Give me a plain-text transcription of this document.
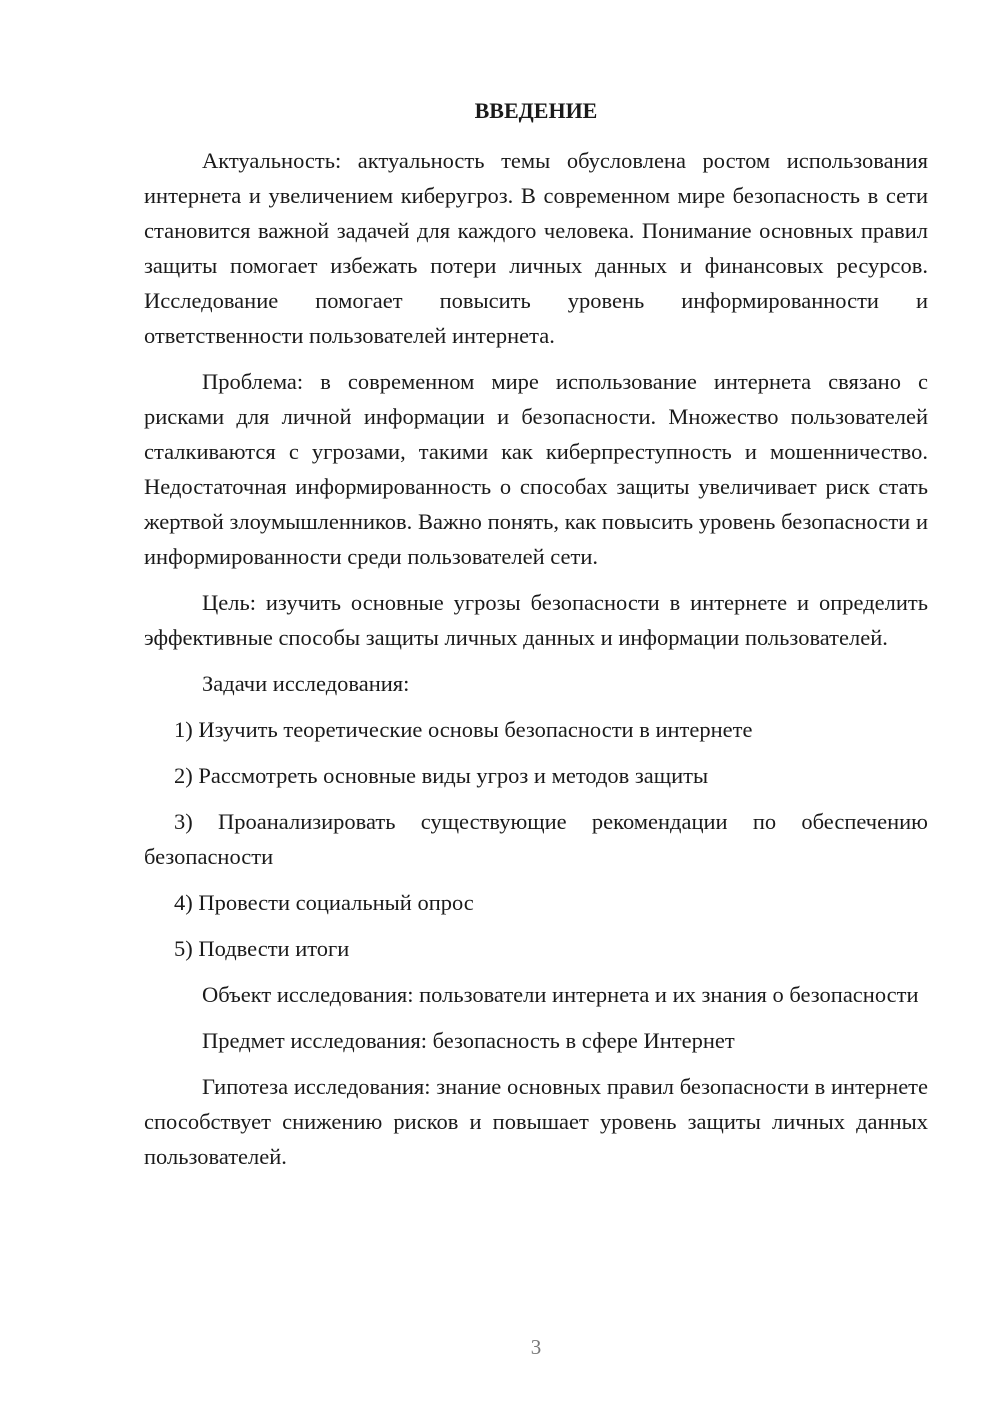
ВВЕДЕНИЕ

Актуальность: актуальность темы обусловлена ростом использования интернета и увеличением киберугроз. В современном мире безопасность в сети становится важной задачей для каждого человека. Понимание основных правил защиты помогает избежать потери личных данных и финансовых ресурсов. Исследование помогает повысить уровень информированности и ответственности пользователей интернета.

Проблема: в современном мире использование интернета связано с рисками для личной информации и безопасности. Множество пользователей сталкиваются с угрозами, такими как киберпреступность и мошенничество. Недостаточная информированность о способах защиты увеличивает риск стать жертвой злоумышленников. Важно понять, как повысить уровень безопасности и информированности среди пользователей сети.

Цель: изучить основные угрозы безопасности в интернете и определить эффективные способы защиты личных данных и информации пользователей.

Задачи исследования:

1) Изучить теоретические основы безопасности в интернете

2) Рассмотреть основные виды угроз и методов защиты

3) Проанализировать существующие рекомендации по обеспечению безопасности

4) Провести социальный опрос

5) Подвести итоги

Объект исследования: пользователи интернета и их знания о безопасности

Предмет исследования: безопасность в сфере Интернет

Гипотеза исследования: знание основных правил безопасности в интернете способствует снижению рисков и повышает уровень защиты личных данных пользователей.

3
